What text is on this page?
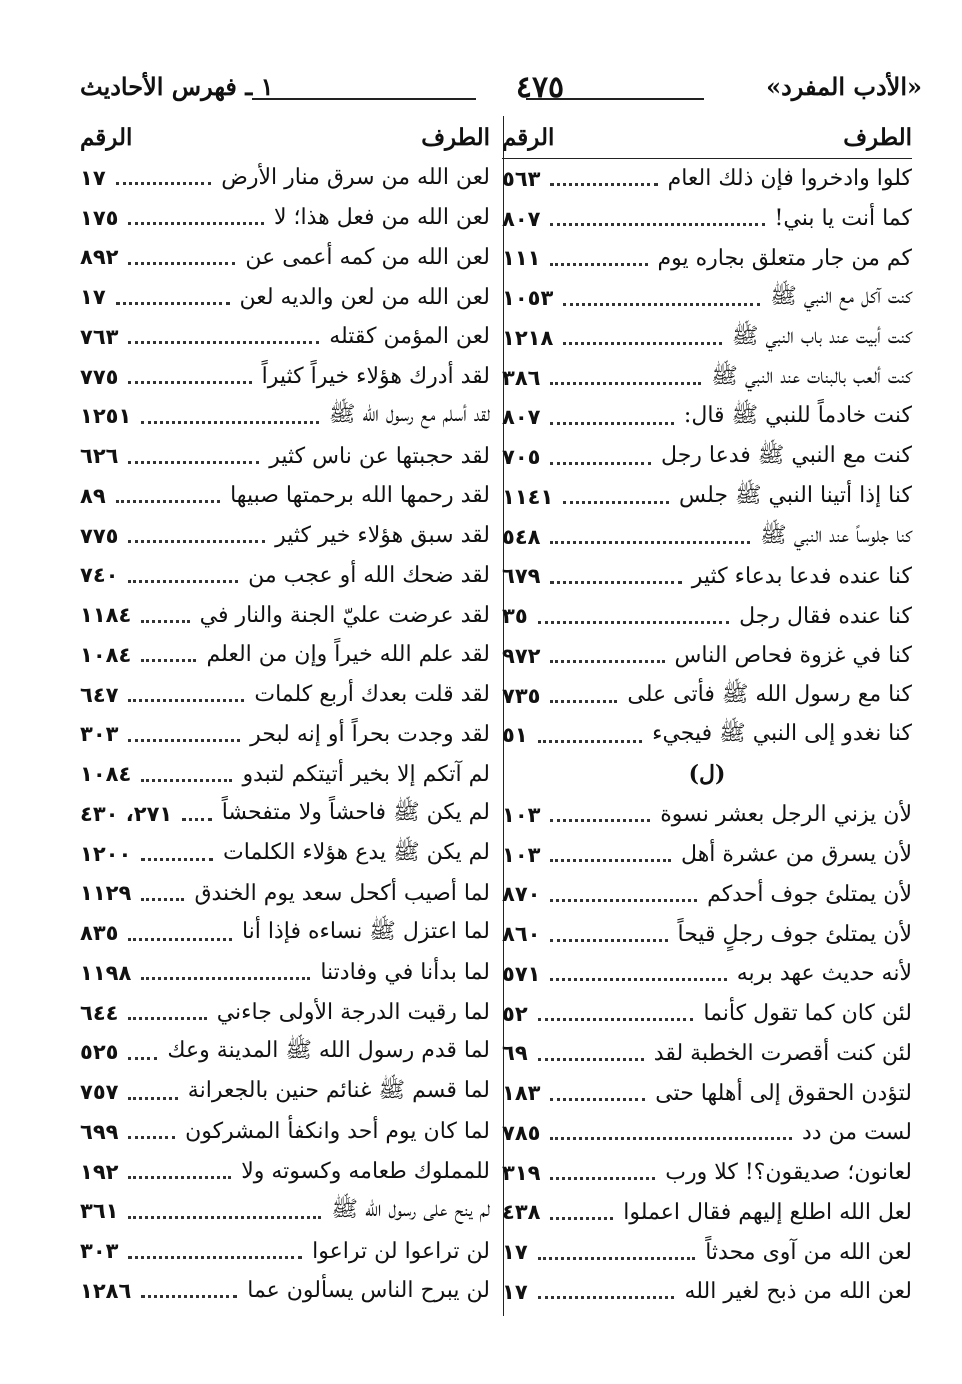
«الأدب المفرد»
٤٧٥
١ ـ فهرس الأحاديث
الطرف
الرقم
كلوا وادخروا فإن ذلك العام
٥٦٣
كما أنت يا بني!
٨٠٧
كم من جار متعلق بجاره يوم
١١١
كنت آكل مع النبي ﷺ
١٠٥٣
كنت أبيت عند باب النبي ﷺ
١٢١٨
كنت ألعب بالبنات عند النبي ﷺ
٣٨٦
كنت خادماً للنبي ﷺ قال:
٨٠٧
كنت مع النبي ﷺ فدعا رجل
٧٠٥
كنا إذا أتينا النبي ﷺ جلس
١١٤١
كنا جلوساً عند النبي ﷺ
٥٤٨
كنا عنده فدعا بدعاء كثير
٦٧٩
كنا عنده فقال رجل
٣٥
كنا في غزوة فحاص الناس
٩٧٢
كنا مع رسول الله ﷺ فأتى على
٧٣٥
كنا نغدو إلى النبي ﷺ فيجيء
٥١
(ل)
لأن يزني الرجل بعشر نسوة
١٠٣
لأن يسرق من عشرة أهل
١٠٣
لأن يمتلئ جوف أحدكم
٨٧٠
لأن يمتلئ جوف رجلٍ قيحاً
٨٦٠
لأنه حديث عهد بربه
٥٧١
لئن كان كما تقول كأنما
٥٢
لئن كنت أقصرت الخطبة لقد
٦٩
لتؤدن الحقوق إلى أهلها حتى
١٨٣
لست من دد
٧٨٥
لعانون؛ صديقون؟! كلا ورب
٣١٩
لعل الله اطلع إليهم فقال اعملوا
٤٣٨
لعن الله من آوى محدثاً
١٧
لعن الله من ذبح لغير الله
١٧
الطرف
الرقم
لعن الله من سرق منار الأرض
١٧
لعن الله من فعل هذا؛ لا
١٧٥
لعن الله من كمه أعمى عن
٨٩٢
لعن الله من لعن والديه لعن
١٧
لعن المؤمن كقتله
٧٦٣
لقد أدرك هؤلاء خيراً كثيراً
٧٧٥
لقد أسلم مع رسول الله ﷺ
١٢٥١
لقد حجبتها عن ناس كثير
٦٢٦
لقد رحمها الله برحمتها صبيها
٨٩
لقد سبق هؤلاء خير كثير
٧٧٥
لقد ضحك الله أو عجب من
٧٤٠
لقد عرضت عليّ الجنة والنار في
١١٨٤
لقد علم الله خيراً وإن من العلم
١٠٨٤
لقد قلت بعدك أربع كلمات
٦٤٧
لقد وجدت بحراً أو إنه لبحر
٣٠٣
لم آتكم إلا بخير أتيتكم لتبدو
١٠٨٤
لم يكن ﷺ فاحشاً ولا متفحشاً
٢٧١، ٤٣٠
لم يكن ﷺ يدع هؤلاء الكلمات
١٢٠٠
لما أصيب أكحل سعد يوم الخندق
١١٢٩
لما اعتزل ﷺ نساءه فإذا أنا
٨٣٥
لما بدأنا في وفادتنا
١١٩٨
لما رقيت الدرجة الأولى جاءني
٦٤٤
لما قدم رسول الله ﷺ المدينة وعك
٥٢٥
لما قسم ﷺ غنائم حنين بالجعرانة
٧٥٧
لما كان يوم أحد وانكفأ المشركون
٦٩٩
للمملوك طعامه وكسوته ولا
١٩٢
لم ينح على رسول الله ﷺ
٣٦١
لن تراعوا لن تراعوا
٣٠٣
لن يبرح الناس يسألون عما
١٢٨٦
